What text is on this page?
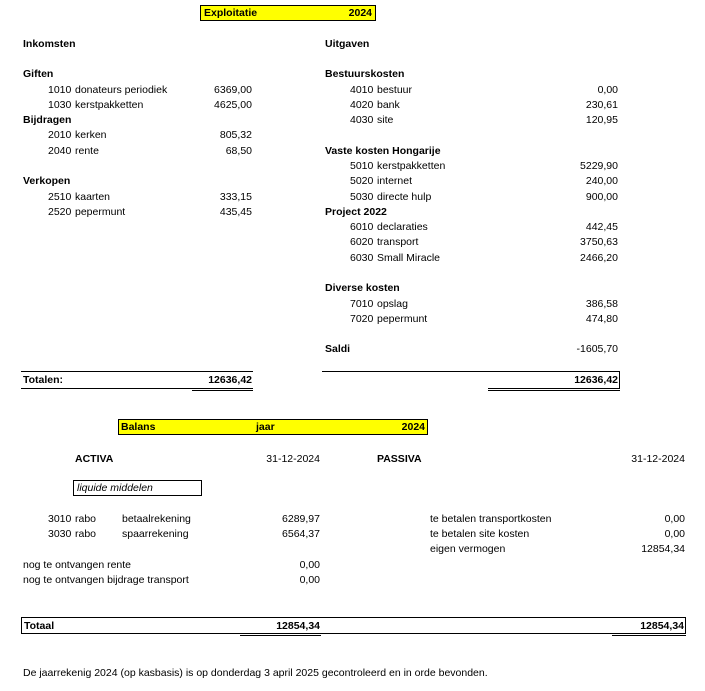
Exploitatie	2024
Inkomsten
Giften
1010 donateurs periodiek	6369,00
1030 kerstpakketten	4625,00
Bijdragen
2010 kerken	805,32
2040 rente	68,50
Verkopen
2510 kaarten	333,15
2520 pepermunt	435,45
Uitgaven
Bestuurskosten
4010 bestuur	0,00
4020 bank	230,61
4030 site	120,95
Vaste kosten Hongarije
5010 kerstpakketten	5229,90
5020 internet	240,00
5030 directe hulp	900,00
Project 2022
6010 declaraties	442,45
6020 transport	3750,63
6030 Small Miracle	2466,20
Diverse kosten
7010 opslag	386,58
7020 pepermunt	474,80
Saldi	-1605,70
Totalen:	12636,42	12636,42
Balans	jaar	2024
ACTIVA	31-12-2024	PASSIVA	31-12-2024
liquide middelen
3010 rabo betaalrekening	6289,97
3030 rabo spaarrekening	6564,37
nog te ontvangen rente	0,00
nog te ontvangen bijdrage transport	0,00
te betalen transportkosten	0,00
te betalen site kosten	0,00
eigen vermogen	12854,34
Totaal	12854,34	12854,34
De jaarrekenig 2024 (op kasbasis) is op donderdag 3 april 2025 gecontroleerd en in orde bevonden.
